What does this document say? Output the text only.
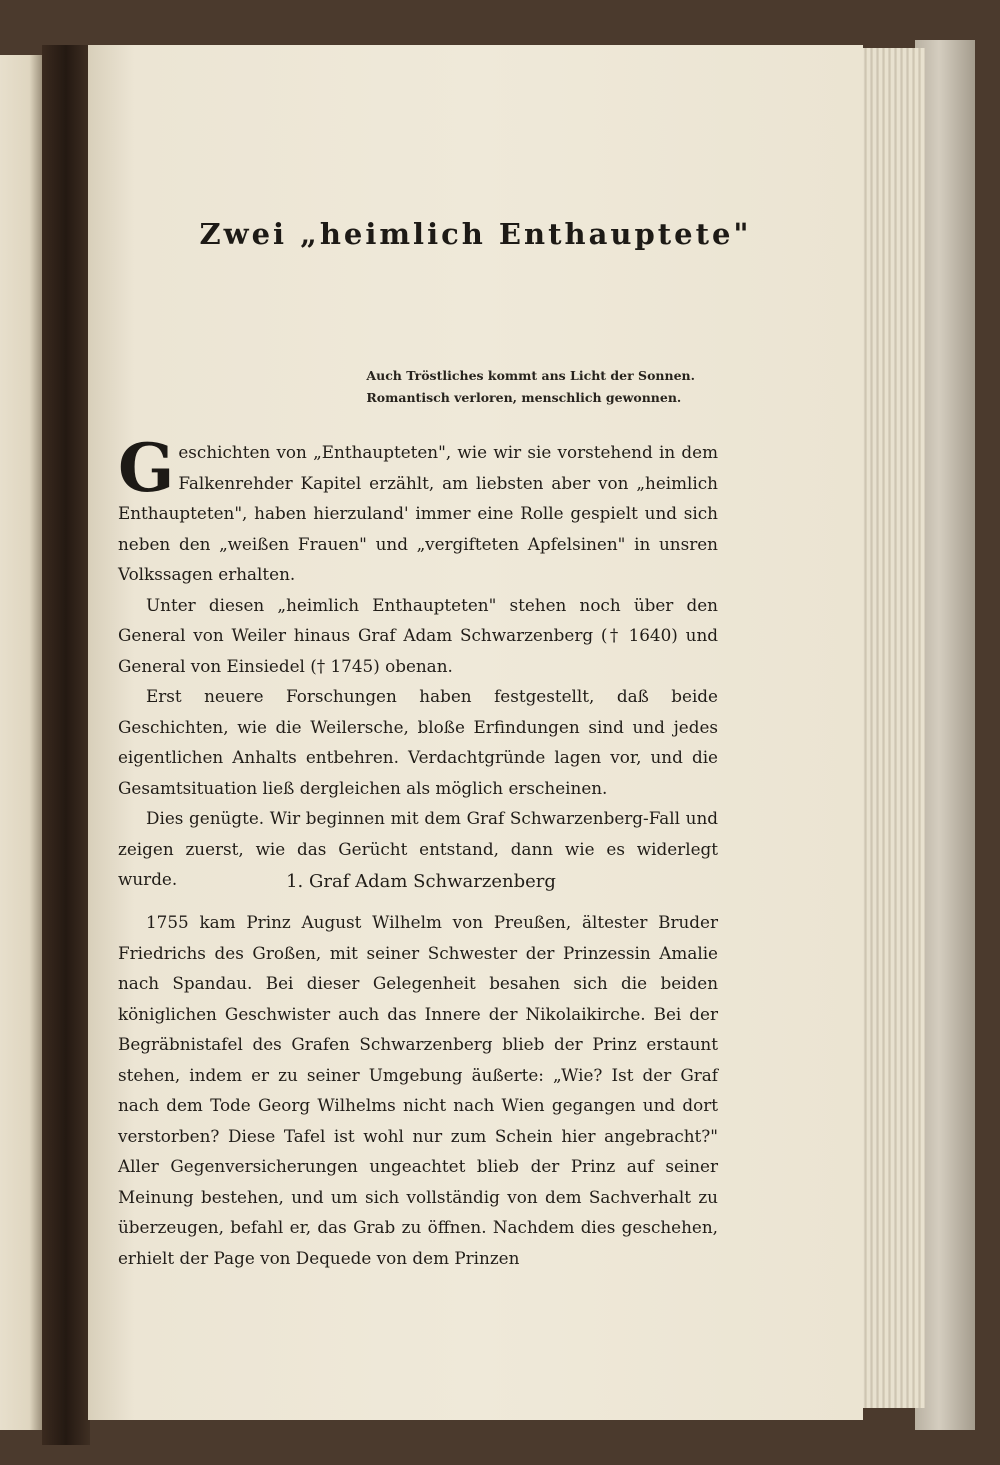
Zwei „heimlich Enthauptete"
Auch Tröstliches kommt ans Licht der Sonnen.
Romantisch verloren, menschlich gewonnen.

Geschichten von „Enthaupteten", wie wir sie vorstehend in dem Falkenrehder Kapitel erzählt, am liebsten aber von „heimlich Enthaupteten", haben hierzuland' immer eine Rolle gespielt und sich neben den „weißen Frauen" und „vergifteten Apfelsinen" in unsren Volkssagen erhalten.

Unter diesen „heimlich Enthaupteten" stehen noch über den General von Weiler hinaus Graf Adam Schwarzenberg († 1640) und General von Einsiedel († 1745) obenan.

Erst neuere Forschungen haben festgestellt, daß beide Geschichten, wie die Weilersche, bloße Erfindungen sind und jedes eigentlichen Anhalts entbehren. Verdachtgründe lagen vor, und die Gesamtsituation ließ dergleichen als möglich erscheinen.

Dies genügte. Wir beginnen mit dem Graf Schwarzenberg-Fall und zeigen zuerst, wie das Gerücht entstand, dann wie es widerlegt wurde.	1. Graf Adam Schwarzenberg

1755 kam Prinz August Wilhelm von Preußen, ältester Bruder Friedrichs des Großen, mit seiner Schwester der Prinzessin Amalie nach Spandau. Bei dieser Gelegenheit besahen sich die beiden königlichen Geschwister auch das Innere der Nikolaikirche. Bei der Begräbnistafel des Grafen Schwarzenberg blieb der Prinz erstaunt stehen, indem er zu seiner Umgebung äußerte: „Wie? Ist der Graf nach dem Tode Georg Wilhelms nicht nach Wien gegangen und dort verstorben? Diese Tafel ist wohl nur zum Schein hier angebracht?" Aller Gegenversicherungen ungeachtet blieb der Prinz auf seiner Meinung bestehen, und um sich vollständig von dem Sachverhalt zu überzeugen, befahl er, das Grab zu öffnen. Nachdem dies geschehen, erhielt der Page von Dequede von dem Prinzen
